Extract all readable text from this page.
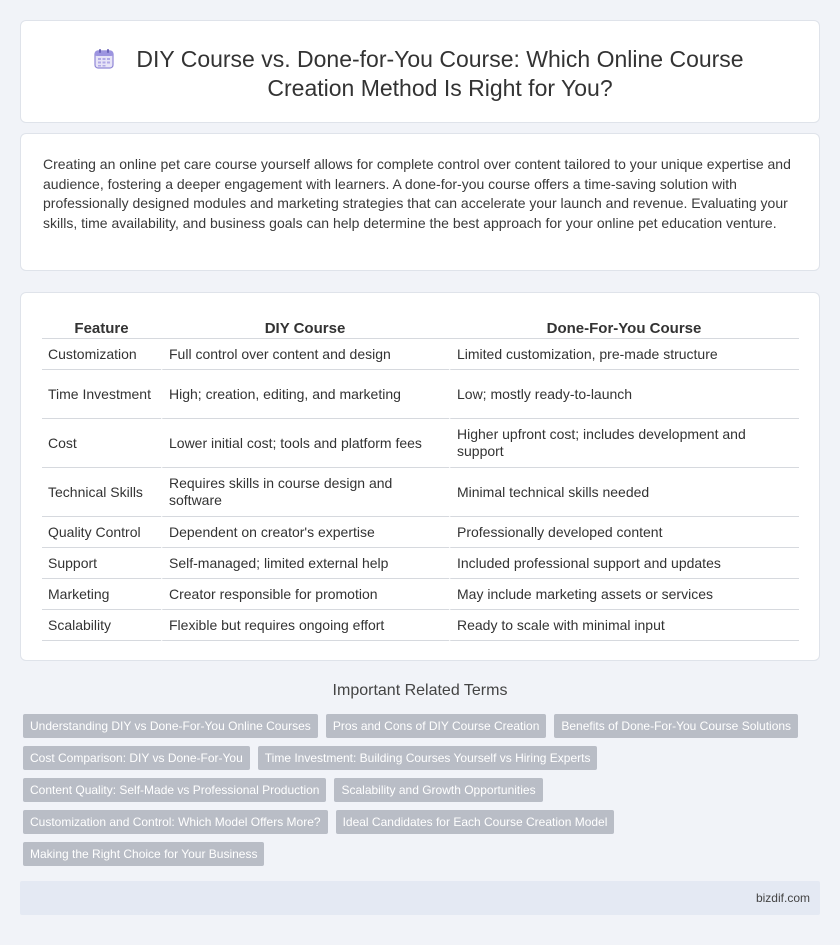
DIY Course vs. Done-for-You Course: Which Online Course Creation Method Is Right for You?

Creating an online pet care course yourself allows for complete control over content tailored to your unique expertise and audience, fostering a deeper engagement with learners. A done-for-you course offers a time-saving solution with professionally designed modules and marketing strategies that can accelerate your launch and revenue. Evaluating your skills, time availability, and business goals can help determine the best approach for your online pet education venture.

Feature	DIY Course	Done-For-You Course
Customization	Full control over content and design	Limited customization, pre-made structure
Time Investment	High; creation, editing, and marketing	Low; mostly ready-to-launch
Cost	Lower initial cost; tools and platform fees	Higher upfront cost; includes development and support
Technical Skills	Requires skills in course design and software	Minimal technical skills needed
Quality Control	Dependent on creator's expertise	Professionally developed content
Support	Self-managed; limited external help	Included professional support and updates
Marketing	Creator responsible for promotion	May include marketing assets or services
Scalability	Flexible but requires ongoing effort	Ready to scale with minimal input
Important Related Terms
Understanding DIY vs Done-For-You Online Courses	Pros and Cons of DIY Course Creation	Benefits of Done-For-You Course Solutions
Cost Comparison: DIY vs Done-For-You	Time Investment: Building Courses Yourself vs Hiring Experts
Content Quality: Self-Made vs Professional Production	Scalability and Growth Opportunities
Customization and Control: Which Model Offers More?	Ideal Candidates for Each Course Creation Model
Making the Right Choice for Your Business
bizdif.com
